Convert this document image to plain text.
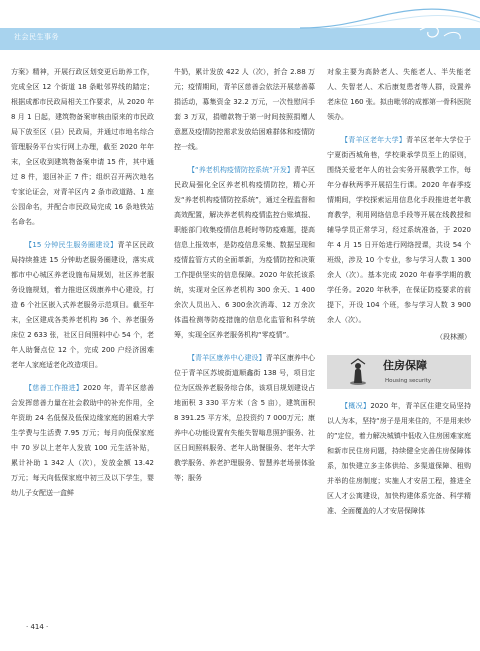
社会民生事务

方案》精神，开展行政区划变更后助养工作，完成全区 12 个街道 18 条毗邻界线的踏定；根据成都市民政局相关工作要求，从 2020 年 8 月 1 日起，建筑物备案审核由原来的市民政局下放至区（县）民政局，并通过市地名综合管理服务平台实行网上办理，截至 2020 年年末，全区收到建筑物备案申请 15 件，其中通过 8 件，退回补正 7 件；组织召开两次地名专家论证会，对青羊区内 2 条市政道路、1 座公园命名，并配合市民政局完成 16 条地铁站名命名。

【15 分钟民生服务圈建设】青羊区民政局持续推进 15 分钟助老服务圈建设，落实成都市中心城区养老设施布局规划，社区养老服务设施规划，着力推进区级康养中心建设，打造 6 个社区嵌入式养老服务示范项目。截至年末，全区建成各类养老机构 36 个、养老服务床位 2 633 张，社区日间照料中心 54 个，老年人助餐点位 12 个，完成 200 户经济困难老年人家庭适老化改造项目。

【慈善工作推进】2020 年，青羊区慈善会发挥慈善力量在社会救助中的补充作用，全年资助 24 名低保及低保边缘家庭的困难大学生学费与生活费 7.95 万元；每月向低保家庭中 70 岁以上老年人发放 100 元生活补贴，累计补助 1 342 人（次），发放金额 13.42 万元；每天向低保家庭中初三及以下学生，婴幼儿子女配送一盒鲜

牛奶，累计发放 422 人（次），折合 2.88 万元；疫情期间，青羊区慈善会依法开展慈善募捐活动，募集资金 32.2 万元，一次性慰问手套 3 万双，捐赠款物于第一时间按照捐赠人意愿及疫情防控需求发放给困难群体和疫情防控一线。

【“养老机构疫情防控系统”开发】青羊区民政局强化全区养老机构疫情防控，精心开发“养老机构疫情防控系统”，通过全程监督和高效配置，解决养老机构疫情监控台账填报、职能部门收集疫情信息耗时等防疫难题，提高信息上报效率，是防疫信息采集、数据呈现和疫情监管方式的全面革新，为疫情防控和决策工作提供坚实的信息保障。2020 年依托该系统，实现对全区养老机构 300 余天、1 400余次人员出入、6 300余次消毒、12 万余次体温检测等防疫措施的信息化监管和科学统筹，实现全区养老服务机构“零疫情”。

【青羊区康养中心建设】青羊区康养中心位于青羊区苏坡街道顺鑫街 138 号，项目定位为区级养老服务综合体，该项目规划建设占地面积 3 330 平方米（含 5 亩），建筑面积 8 391.25 平方米，总投资约 7 000万元；康养中心功能设置有失能失智嗡息照护服务、社区日间照料服务、老年人助餐服务、老年大学教学服务、养老护理服务、智慧养老场景体验等；服务

对象主要为高龄老人、失能老人、半失能老人、失智老人、术后康复患者等人群，设置养老床位 160 张。拟由毗邻的成都第一骨科医院领办。

【青羊区老年大学】青羊区老年大学位于宁夏街西城角巷，学校秉承学员至上的原则，围绕关爱老年人的社会实务开展教学工作，每年分春秋两季开展招生行课。2020 年春季疫情期间，学校探索运用信息化手段推进老年教育教学，利用网络信息手段等开展在线教授和辅导学员正常学习，经过系统准备，于 2020 年 4 月 15 日开始进行网络授课，共设 54 个班级，涉及 10 个专业，参与学习人数 1 300 余人（次）。基本完成 2020 年春季学期的教学任务。2020 年秋季，在保证防疫要求的前提下，开设 104 个班，参与学习人数 3 900 余人（次）。

（段林濒）

住房保障
Housing security

【概况】2020 年，青羊区住建交局坚持以人为本，坚持“房子是用来住的，不是用来炒的”定位，着力解决城镇中低收入住房困难家庭和新市民住房问题，持续健全完善住房保障体系，加快建立多主体供给、多渠道保障、租购并举的住房制度；实施人才安居工程，推进全区人才公寓建设，加快构建体系完备、科学精准、全面覆盖的人才安居保障体

· 414 ·
